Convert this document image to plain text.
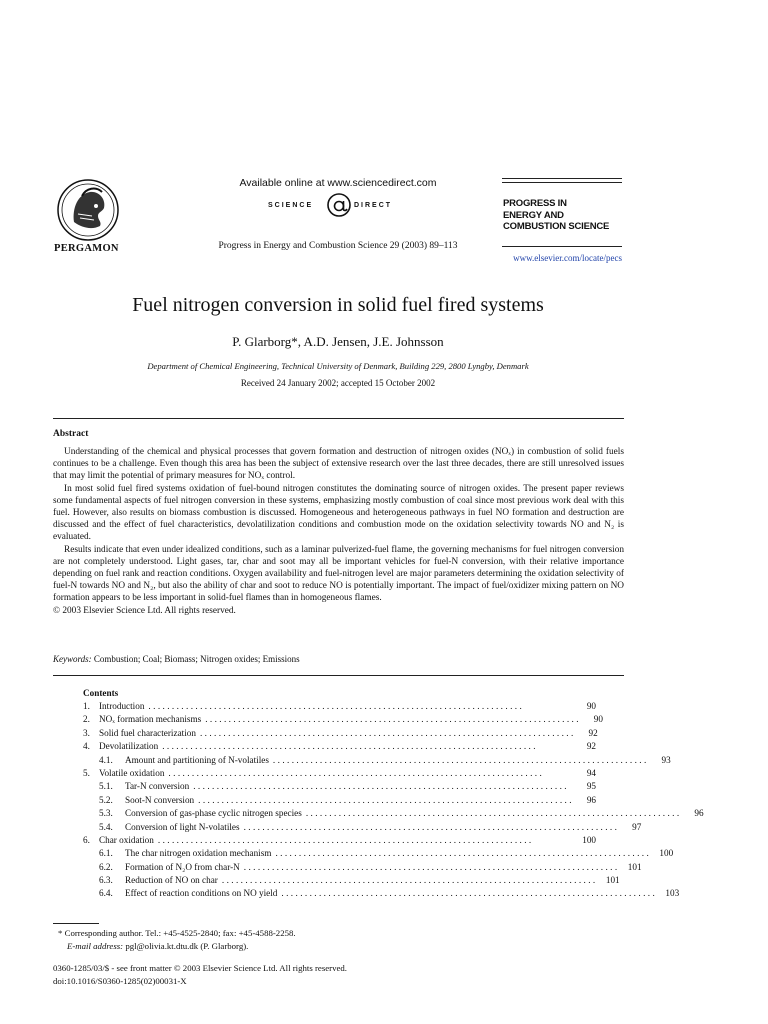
PERGAMON
Available online at www.sciencedirect.com
SCIENCE	DIRECT
Progress in Energy and Combustion Science 29 (2003) 89–113
PROGRESS IN
ENERGY AND
COMBUSTION SCIENCE
www.elsevier.com/locate/pecs
Fuel nitrogen conversion in solid fuel fired systems
P. Glarborg*, A.D. Jensen, J.E. Johnsson
Department of Chemical Engineering, Technical University of Denmark, Building 229, 2800 Lyngby, Denmark
Received 24 January 2002; accepted 15 October 2002
Abstract

Understanding of the chemical and physical processes that govern formation and destruction of nitrogen oxides (NOₓ) in combustion of solid fuels continues to be a challenge. Even though this area has been the subject of extensive research over the last three decades, there are still unresolved issues that may limit the potential of primary measures for NOₓ control.

In most solid fuel fired systems oxidation of fuel-bound nitrogen constitutes the dominating source of nitrogen oxides. The present paper reviews some fundamental aspects of fuel nitrogen conversion in these systems, emphasizing mostly combustion of coal since most previous work deal with this fuel. However, also results on biomass combustion is discussed. Homogeneous and heterogeneous pathways in fuel NO formation and destruction are discussed and the effect of fuel characteristics, devolatilization conditions and combustion mode on the oxidation selectivity towards NO and N₂ is evaluated.

Results indicate that even under idealized conditions, such as a laminar pulverized-fuel flame, the governing mechanisms for fuel nitrogen conversion are not completely understood. Light gases, tar, char and soot may all be important vehicles for fuel-N conversion, with their relative importance depending on fuel rank and reaction conditions. Oxygen availability and fuel-nitrogen level are major parameters determining the oxidation selectivity of fuel-N towards NO and N₂, but also the ability of char and soot to reduce NO is potentially important. The impact of fuel/oxidizer mixing pattern on NO formation appears to be less important in solid-fuel flames than in homogeneous flames.

© 2003 Elsevier Science Ltd. All rights reserved.

Keywords: Combustion; Coal; Biomass; Nitrogen oxides; Emissions
Contents
1. Introduction ................................................................................	90
2. NOₓ formation mechanisms ................................................................................	90
3. Solid fuel characterization ................................................................................	92
4. Devolatilization ................................................................................	92
4.1.	Amount and partitioning of N-volatiles ................................................................................	93
5. Volatile oxidation ................................................................................	94
5.1.	Tar-N conversion ................................................................................	95
5.2.	Soot-N conversion ................................................................................	96
5.3.	Conversion of gas-phase cyclic nitrogen species ................................................................................	96
5.4.	Conversion of light N-volatiles ................................................................................	97
6. Char oxidation ................................................................................	100
6.1.	The char nitrogen oxidation mechanism ................................................................................ 100
6.2.	Formation of N₂O from char-N ................................................................................ 101
6.3.	Reduction of NO on char ................................................................................ 101
6.4.	Effect of reaction conditions on NO yield ................................................................................ 103
* Corresponding author. Tel.: +45-4525-2840; fax: +45-4588-2258.
E-mail address: pgl@olivia.kt.dtu.dk (P. Glarborg).
0360-1285/03/$ - see front matter © 2003 Elsevier Science Ltd. All rights reserved.
doi:10.1016/S0360-1285(02)00031-X
